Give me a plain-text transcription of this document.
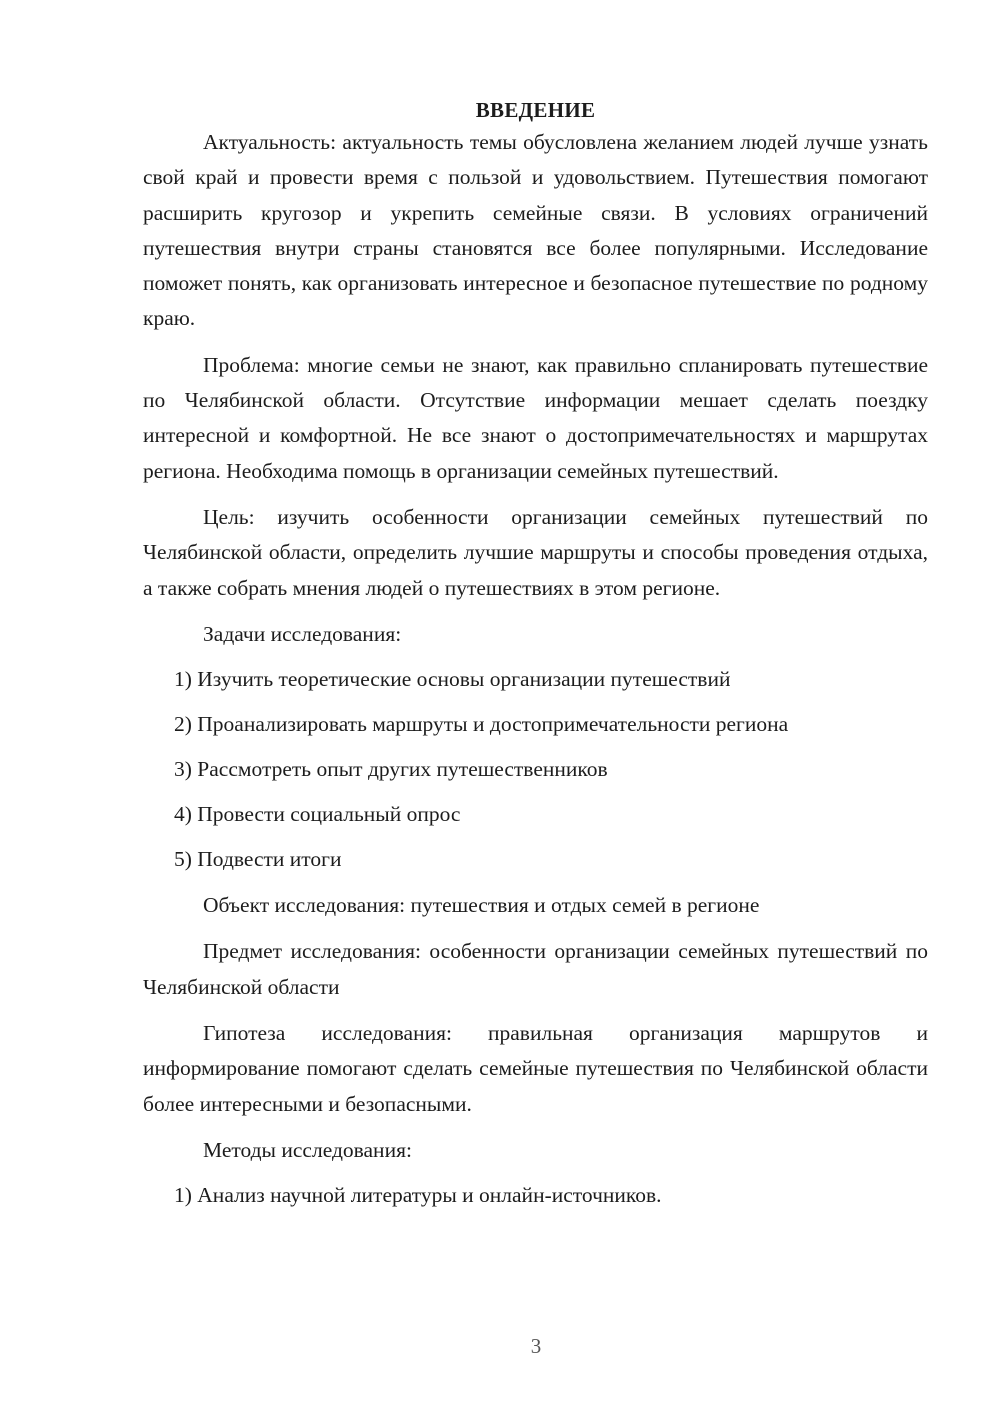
ВВЕДЕНИЕ

Актуальность: актуальность темы обусловлена желанием людей лучше узнать свой край и провести время с пользой и удовольствием. Путешествия помогают расширить кругозор и укрепить семейные связи. В условиях ограничений путешествия внутри страны становятся все более популярными. Исследование поможет понять, как организовать интересное и безопасное путешествие по родному краю.

Проблема: многие семьи не знают, как правильно спланировать путешествие по Челябинской области. Отсутствие информации мешает сделать поездку интересной и комфортной. Не все знают о достопримечательностях и маршрутах региона. Необходима помощь в организации семейных путешествий.

Цель: изучить особенности организации семейных путешествий по Челябинской области, определить лучшие маршруты и способы проведения отдыха, а также собрать мнения людей о путешествиях в этом регионе.

Задачи исследования:

1) Изучить теоретические основы организации путешествий

2) Проанализировать маршруты и достопримечательности региона

3) Рассмотреть опыт других путешественников

4) Провести социальный опрос

5) Подвести итоги

Объект исследования: путешествия и отдых семей в регионе

Предмет исследования: особенности организации семейных путешествий по Челябинской области

Гипотеза исследования: правильная организация маршрутов и информирование помогают сделать семейные путешествия по Челябинской области более интересными и безопасными.

Методы исследования:

1) Анализ научной литературы и онлайн-источников.

3
